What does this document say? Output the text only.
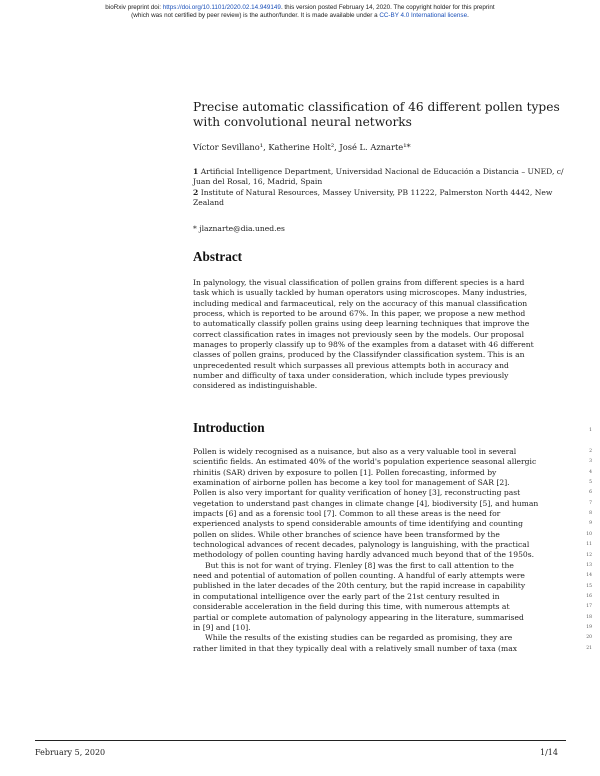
bioRxiv preprint doi: https://doi.org/10.1101/2020.02.14.949149. this version posted February 14, 2020. The copyright holder for this preprint
(which was not certified by peer review) is the author/funder. It is made available under a CC-BY 4.0 International license.
Precise automatic classification of 46 different pollen types
with convolutional neural networks
Víctor Sevillano¹, Katherine Holt², José L. Aznarte¹*
1 Artificial Intelligence Department, Universidad Nacional de Educación a Distancia – UNED, c/ Juan del Rosal, 16, Madrid, Spain
2 Institute of Natural Resources, Massey University, PB 11222, Palmerston North 4442, New Zealand
* jlaznarte@dia.uned.es
Abstract
In palynology, the visual classification of pollen grains from different species is a hard
task which is usually tackled by human operators using microscopes. Many industries,
including medical and farmaceutical, rely on the accuracy of this manual classification
process, which is reported to be around 67%. In this paper, we propose a new method
to automatically classify pollen grains using deep learning techniques that improve the
correct classification rates in images not previously seen by the models. Our proposal
manages to properly classify up to 98% of the examples from a dataset with 46 different
classes of pollen grains, produced by the Classifynder classification system. This is an
unprecedented result which surpasses all previous attempts both in accuracy and
number and difficulty of taxa under consideration, which include types previously
considered as indistinguishable.
Introduction
Pollen is widely recognised as a nuisance, but also as a very valuable tool in several
scientific fields. An estimated 40% of the world's population experience seasonal allergic
rhinitis (SAR) driven by exposure to pollen [1]. Pollen forecasting, informed by
examination of airborne pollen has become a key tool for management of SAR [2].
Pollen is also very important for quality verification of honey [3], reconstructing past
vegetation to understand past changes in climate change [4], biodiversity [5], and human
impacts [6] and as a forensic tool [7]. Common to all these areas is the need for
experienced analysts to spend considerable amounts of time identifying and counting
pollen on slides. While other branches of science have been transformed by the
technological advances of recent decades, palynology is languishing, with the practical
methodology of pollen counting having hardly advanced much beyond that of the 1950s.
But this is not for want of trying. Flenley [8] was the first to call attention to the
need and potential of automation of pollen counting. A handful of early attempts were
published in the later decades of the 20th century, but the rapid increase in capability
in computational intelligence over the early part of the 21st century resulted in
considerable acceleration in the field during this time, with numerous attempts at
partial or complete automation of palynology appearing in the literature, summarised
in [9] and [10].
While the results of the existing studies can be regarded as promising, they are
rather limited in that they typically deal with a relatively small number of taxa (max
1
2
3
4
5
6
7
8
9
10
11
12
13
14
15
16
17
18
19
20
21
February 5, 2020	1/14
